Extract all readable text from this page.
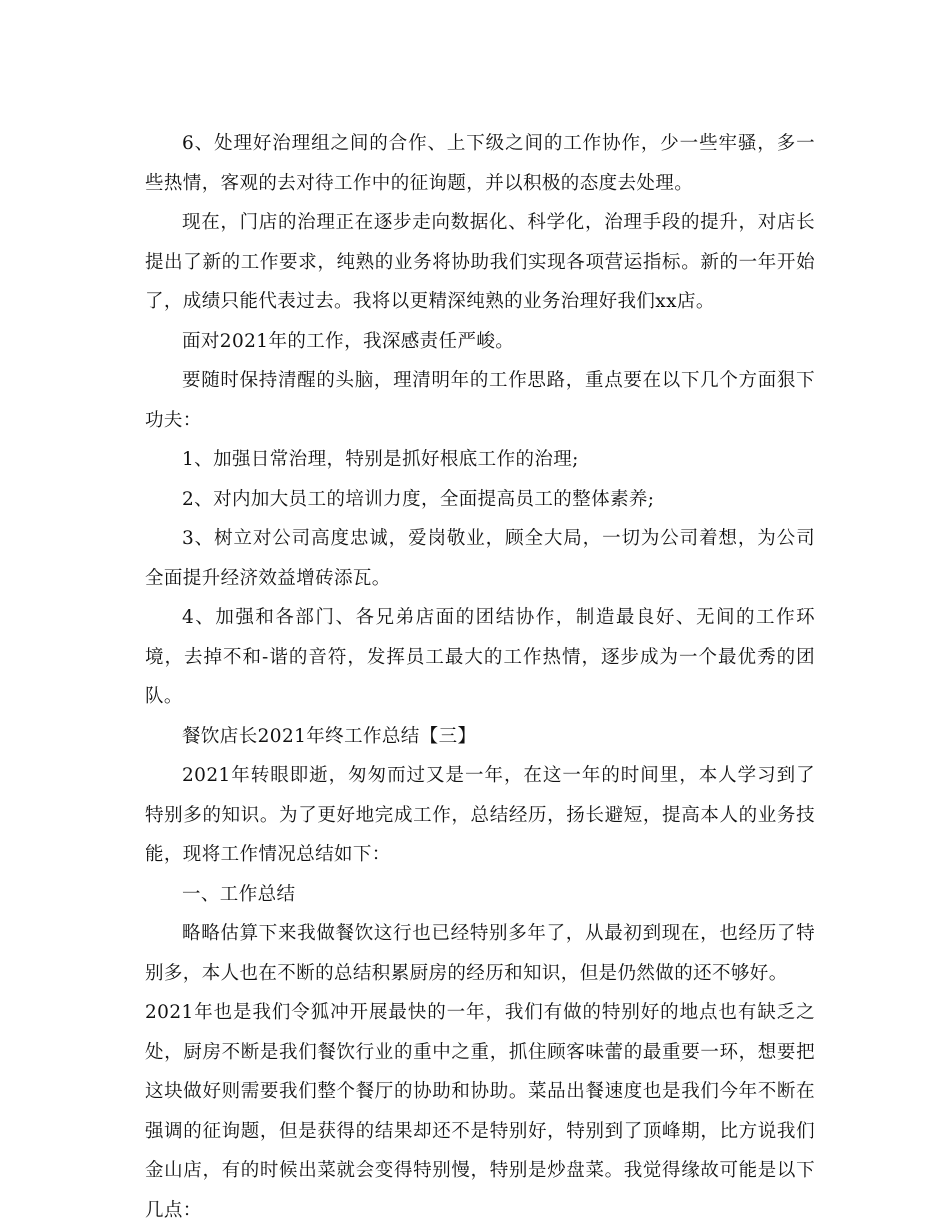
6、处理好治理组之间的合作、上下级之间的工作协作，少一些牢骚，多一些热情，客观的去对待工作中的征询题，并以积极的态度去处理。

现在，门店的治理正在逐步走向数据化、科学化，治理手段的提升，对店长提出了新的工作要求，纯熟的业务将协助我们实现各项营运指标。新的一年开始了，成绩只能代表过去。我将以更精深纯熟的业务治理好我们xx店。

面对2021年的工作，我深感责任严峻。

要随时保持清醒的头脑，理清明年的工作思路，重点要在以下几个方面狠下功夫：

1、加强日常治理，特别是抓好根底工作的治理;

2、对内加大员工的培训力度，全面提高员工的整体素养;

3、树立对公司高度忠诚，爱岗敬业，顾全大局，一切为公司着想，为公司全面提升经济效益增砖添瓦。

4、加强和各部门、各兄弟店面的团结协作，制造最良好、无间的工作环境，去掉不和-谐的音符，发挥员工最大的工作热情，逐步成为一个最优秀的团队。

餐饮店长2021年终工作总结【三】

2021年转眼即逝，匆匆而过又是一年，在这一年的时间里，本人学习到了特别多的知识。为了更好地完成工作，总结经历，扬长避短，提高本人的业务技能，现将工作情况总结如下：

一、工作总结

略略估算下来我做餐饮这行也已经特别多年了，从最初到现在，也经历了特别多，本人也在不断的总结积累厨房的经历和知识，但是仍然做的还不够好。

2021年也是我们令狐冲开展最快的一年，我们有做的特别好的地点也有缺乏之处，厨房不断是我们餐饮行业的重中之重，抓住顾客味蕾的最重要一环，想要把这块做好则需要我们整个餐厅的协助和协助。菜品出餐速度也是我们今年不断在强调的征询题，但是获得的结果却还不是特别好，特别到了顶峰期，比方说我们金山店，有的时候出菜就会变得特别慢，特别是炒盘菜。我觉得缘故可能是以下几点：
